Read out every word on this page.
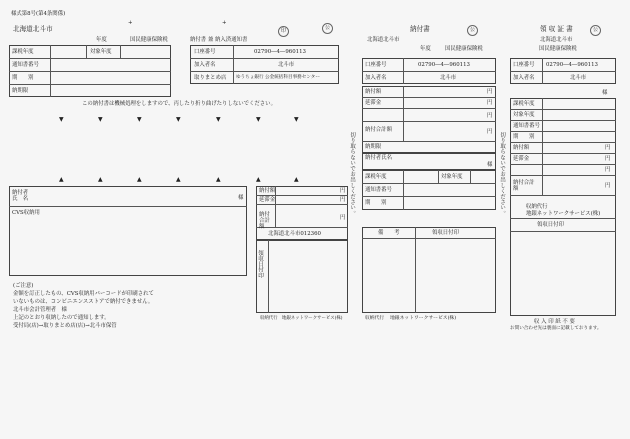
様式第8号(第4条関係)
北海道北斗市
年度	国民健康保険税	納付書 兼 納入済通知書
+	+
印	公
課税年度	対象年度
通知書番号
期　　別
納期限
口座番号	02790―4―960113
加入者名	北斗市
取りまとめ店 ゆうちょ銀行 公金統括科目事務センター
この納付書は機械処理をしますので、丙したり折り曲げたりしないでください。
▼	▼	▼	▼	▼	▼	▼
▲	▲	▲	▲	▲	▲	▲
納付者
氏　名	様
CVS収納用
納付額	円
延滞金	円
納付合計額
円
北海道北斗市012360
領収日付印
(ご注意)
金額を訂正したもの、CVS収納用バーコードが印刷されて
いないものは、コンビニエンスストアで納付できません。
北斗市会計管理者　様
上記のとおり収納したので通知します。
受付局(店)→取りまとめ店(店)→北斗市保管
収納代行　地銀ネットワークサービス(株)
切り取らないでお出しください。
納付書	公
北海道北斗市
年度	国民健康保険税
口座番号	02790―4―960113
加入者名	北斗市
納付額	円
延滞金	円
円
納付合計額	円
納期限
納付者氏名
様
課税年度	対象年度
通知書番号
期　　別
備　　考	領収日付印
収納代行 地銀ネットワークサービス(株)
切り取らないでお出しください。
領 収 証 書	公
北海道北斗市
国民健康保険税
口座番号 02790―4―960113
加入者名	北斗市
様
課税年度
対象年度
通知書番号
期　　別
納付額	円
延滞金	円
円
納付合計額	円
収納代行
地銀ネットワークサービス(株)
領収日付印
収 入 印 紙 不 要
お問い合わせ先は裏面に記載しております。
